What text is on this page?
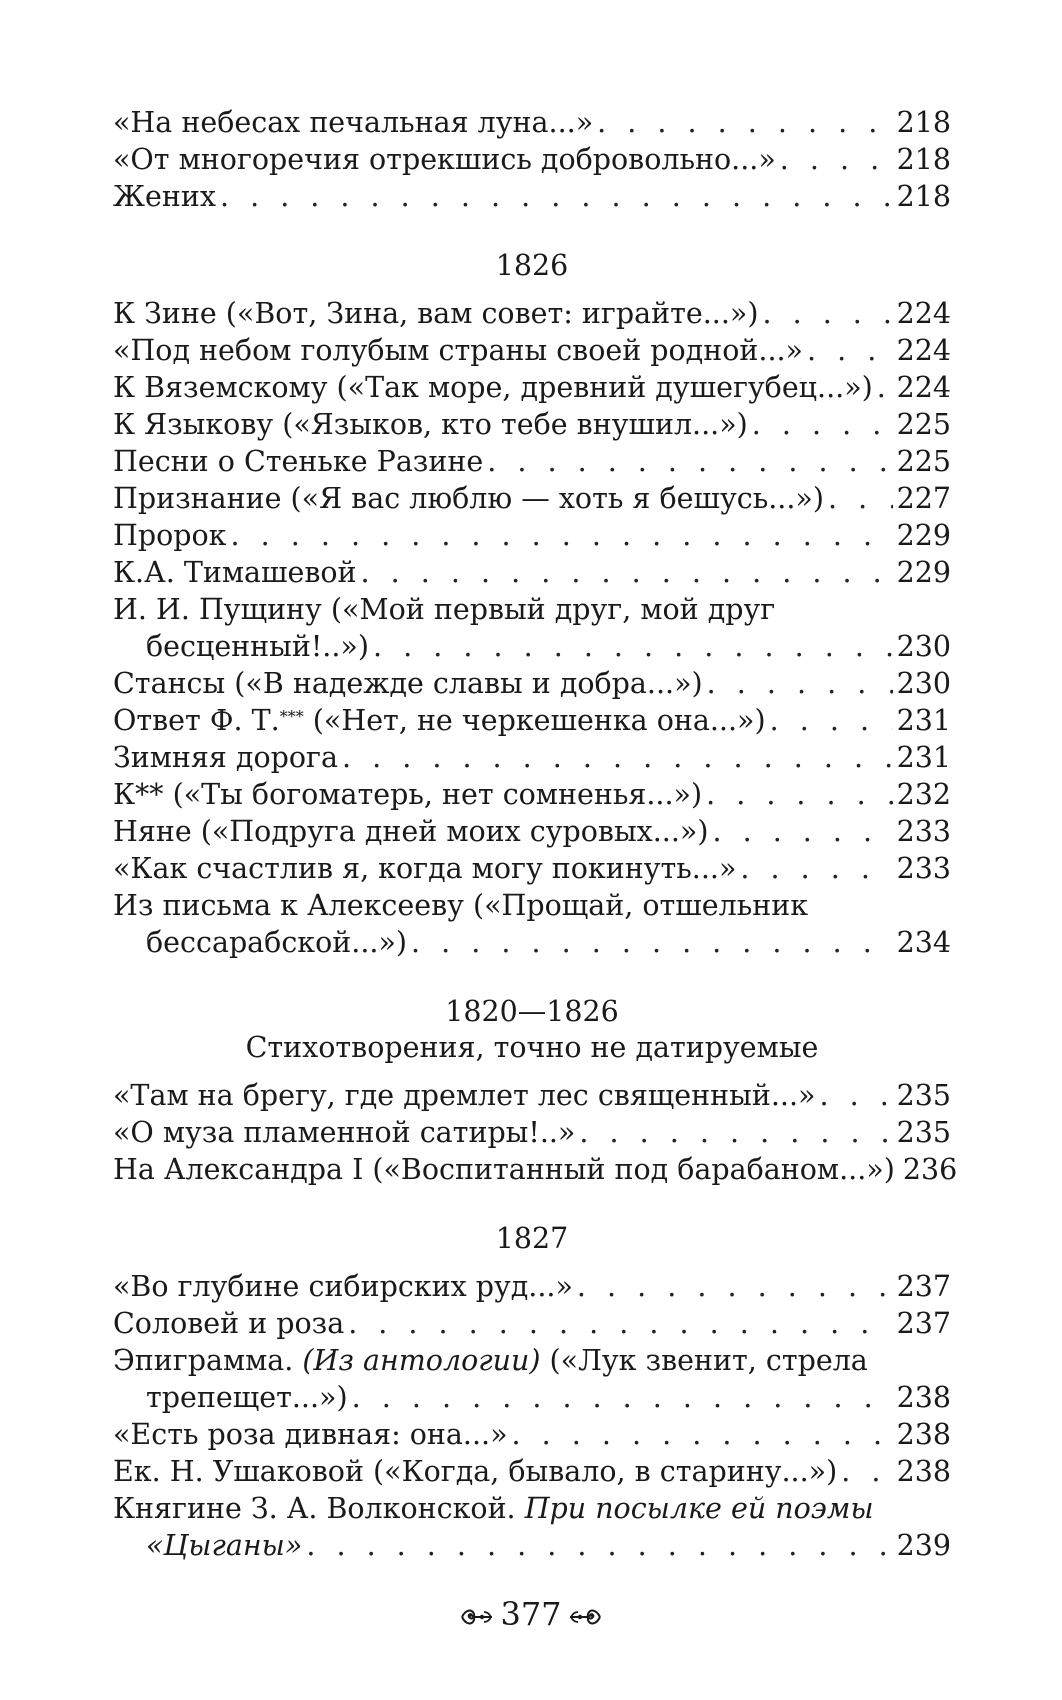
«На небесах печальная луна...» . . .	218
«От многоречия отрекшись добровольно...» . . .	218
Жених . . .	218
1826
К Зине («Вот, Зина, вам совет: играйте...») . . .	224
«Под небом голубым страны своей родной...» . . .	224
К Вяземскому («Так море, древний душегубец...») . . . 224
К Языкову («Языков, кто тебе внушил...») . . .	225
Песни о Стеньке Разине . . .	225
Признание («Я вас люблю — хоть я бешусь...») . . .	227
Пророк . . .	229
К.А. Тимашевой . . .	229
И. И. Пущину («Мой первый друг, мой друг
бесценный!..») . . .	230
Стансы («В надежде славы и добра...») . . .	230
Ответ Ф. Т.*** («Нет, не черкешенка она...») . . .	231
Зимняя дорога . . .	231
К** («Ты богоматерь, нет сомненья...») . . .	232
Няне («Подруга дней моих суровых...») . . .	233
«Как счастлив я, когда могу покинуть...» . . .	233
Из письма к Алексееву («Прощай, отшельник
бессарабской...») . . .	234
1820—1826
Стихотворения, точно не датируемые
«Там на брегу, где дремлет лес священный...» . . .	235
«О муза пламенной сатиры!..» . . .	235
На Александра I («Воспитанный под барабаном...») 236
1827
«Во глубине сибирских руд...» . . .	237
Соловей и роза . . .	237
Эпиграмма. (Из антологии) («Лук звенит, стрела
трепещет...») . . .	238
«Есть роза дивная: она...» . . .	238
Ек. Н. Ушаковой («Когда, бывало, в старину...») . . . 238
Княгине З. А. Волконской. При посылке ей поэмы
«Цыганы» . . .	239
377
